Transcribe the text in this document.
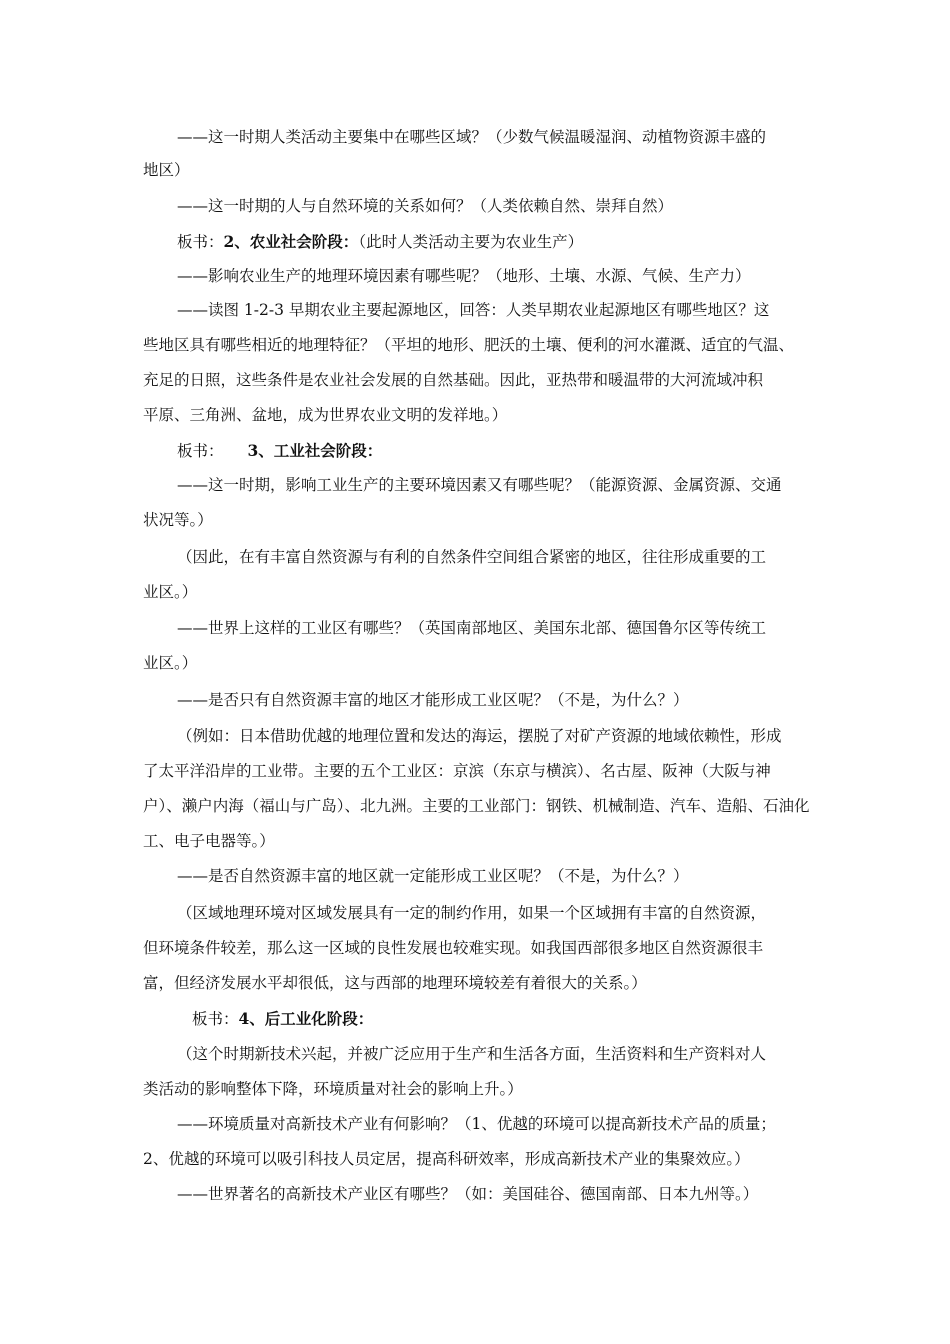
——这一时期人类活动主要集中在哪些区域？（少数气候温暖湿润、动植物资源丰盛的
地区）
——这一时期的人与自然环境的关系如何？（人类依赖自然、崇拜自然）
板书：2、农业社会阶段：（此时人类活动主要为农业生产）
——影响农业生产的地理环境因素有哪些呢？（地形、土壤、水源、气候、生产力）
——读图 1-2-3 早期农业主要起源地区，回答：人类早期农业起源地区有哪些地区？这
些地区具有哪些相近的地理特征？（平坦的地形、肥沃的土壤、便利的河水灌溉、适宜的气温、
充足的日照，这些条件是农业社会发展的自然基础。因此，亚热带和暖温带的大河流域冲积
平原、三角洲、盆地，成为世界农业文明的发祥地。）
板书： 3、工业社会阶段：
——这一时期，影响工业生产的主要环境因素又有哪些呢？（能源资源、金属资源、交通
状况等。）
（因此，在有丰富自然资源与有利的自然条件空间组合紧密的地区，往往形成重要的工
业区。）
——世界上这样的工业区有哪些？（英国南部地区、美国东北部、德国鲁尔区等传统工
业区。）
——是否只有自然资源丰富的地区才能形成工业区呢？（不是，为什么？）
（例如：日本借助优越的地理位置和发达的海运，摆脱了对矿产资源的地域依赖性，形成
了太平洋沿岸的工业带。主要的五个工业区：京滨（东京与横滨）、名古屋、阪神（大阪与神
户）、濑户内海（福山与广岛）、北九洲。主要的工业部门：钢铁、机械制造、汽车、造船、石油化
工、电子电器等。）
——是否自然资源丰富的地区就一定能形成工业区呢？（不是，为什么？）
（区域地理环境对区域发展具有一定的制约作用，如果一个区域拥有丰富的自然资源，
但环境条件较差，那么这一区域的良性发展也较难实现。如我国西部很多地区自然资源很丰
富，但经济发展水平却很低，这与西部的地理环境较差有着很大的关系。）
板书：4、后工业化阶段：
（这个时期新技术兴起，并被广泛应用于生产和生活各方面，生活资料和生产资料对人
类活动的影响整体下降，环境质量对社会的影响上升。）
——环境质量对高新技术产业有何影响？（1、优越的环境可以提高新技术产品的质量；
2、优越的环境可以吸引科技人员定居，提高科研效率，形成高新技术产业的集聚效应。）
——世界著名的高新技术产业区有哪些？（如：美国硅谷、德国南部、日本九州等。）
